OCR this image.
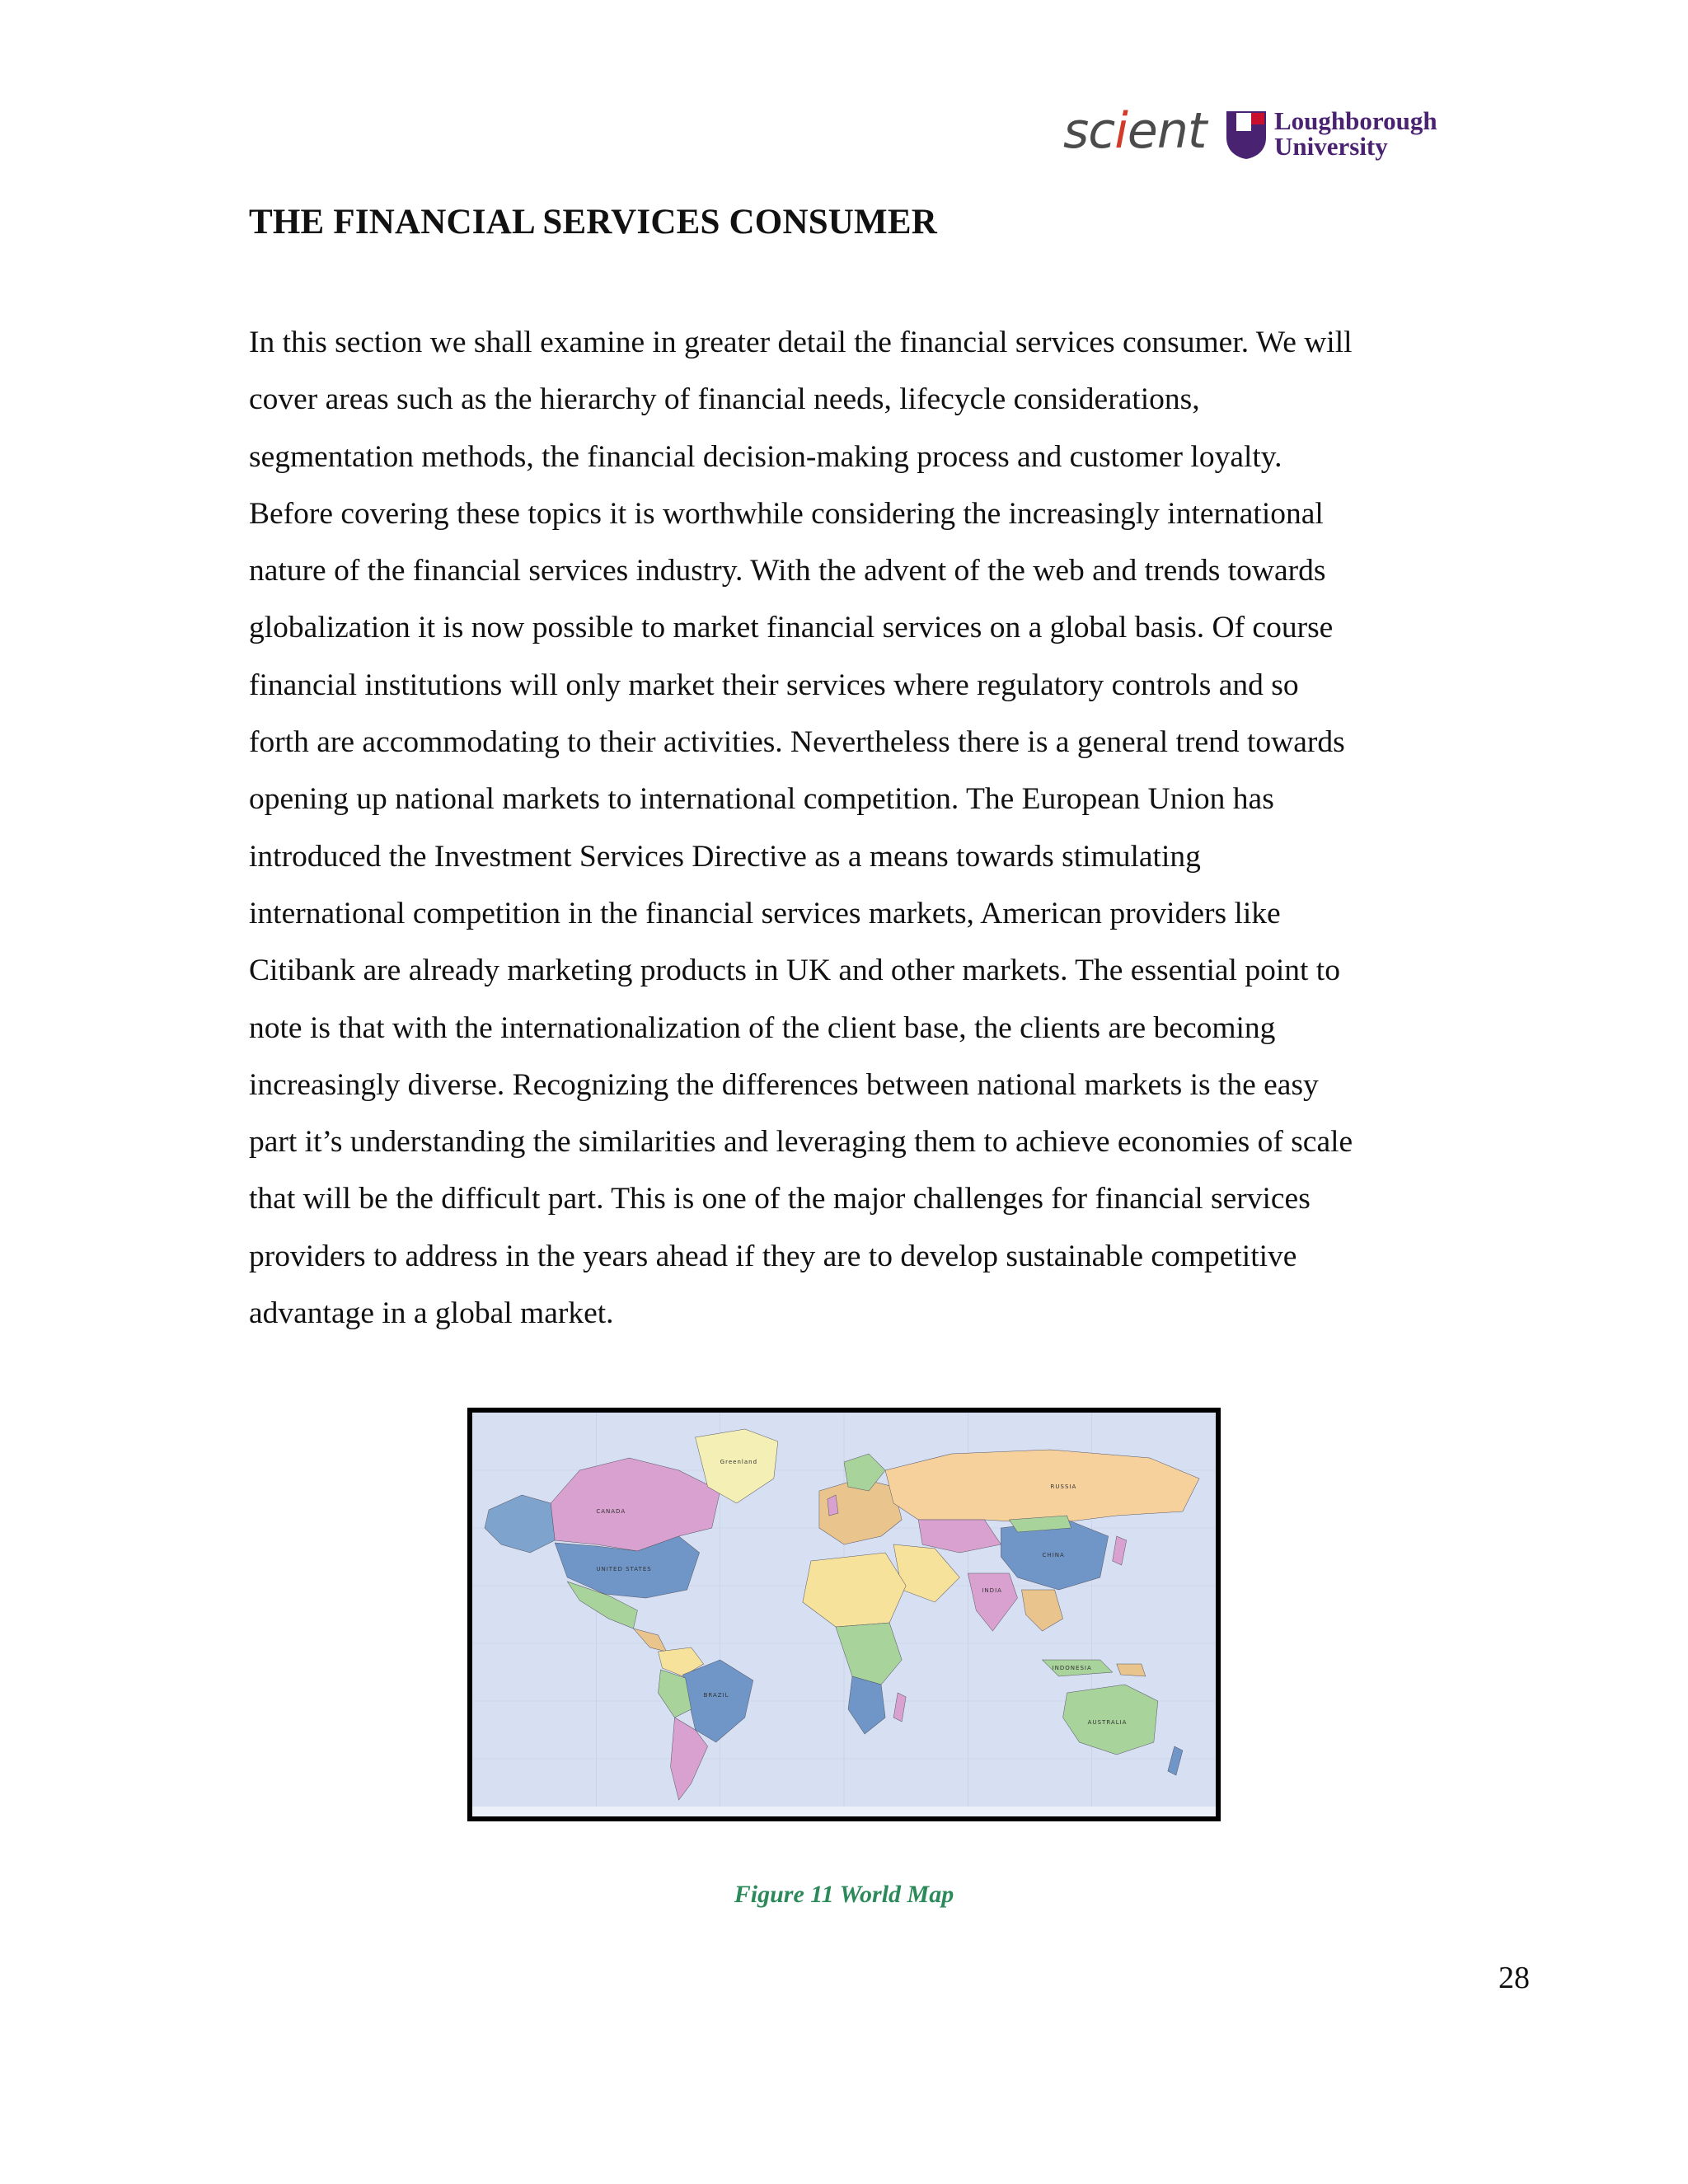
scient	Loughborough
University
THE FINANCIAL SERVICES CONSUMER
In this section we shall examine in greater detail the financial services consumer. We will
cover areas such as the hierarchy of financial needs, lifecycle considerations,
segmentation methods, the financial decision-making process and customer loyalty.
Before covering these topics it is worthwhile considering the increasingly international
nature of the financial services industry. With the advent of the web and trends towards
globalization it is now possible to market financial services on a global basis. Of course
financial institutions will only market their services where regulatory controls and so
forth are accommodating to their activities. Nevertheless there is a general trend towards
opening up national markets to international competition. The European Union has
introduced the Investment Services Directive as a means towards stimulating
international competition in the financial services markets, American providers like
Citibank are already marketing products in UK and other markets. The essential point to
note is that with the internationalization of the client base, the clients are becoming
increasingly diverse. Recognizing the differences between national markets is the easy
part it’s understanding the similarities and leveraging them to achieve economies of scale
that will be the difficult part. This is one of the major challenges for financial services
providers to address in the years ahead if they are to develop sustainable competitive
advantage in a global market.
Greenland
CANADA
UNITED STATES
RUSSIA
CHINA
INDIA
BRAZIL
AUSTRALIA
INDONESIA
Figure 11 World Map
28
